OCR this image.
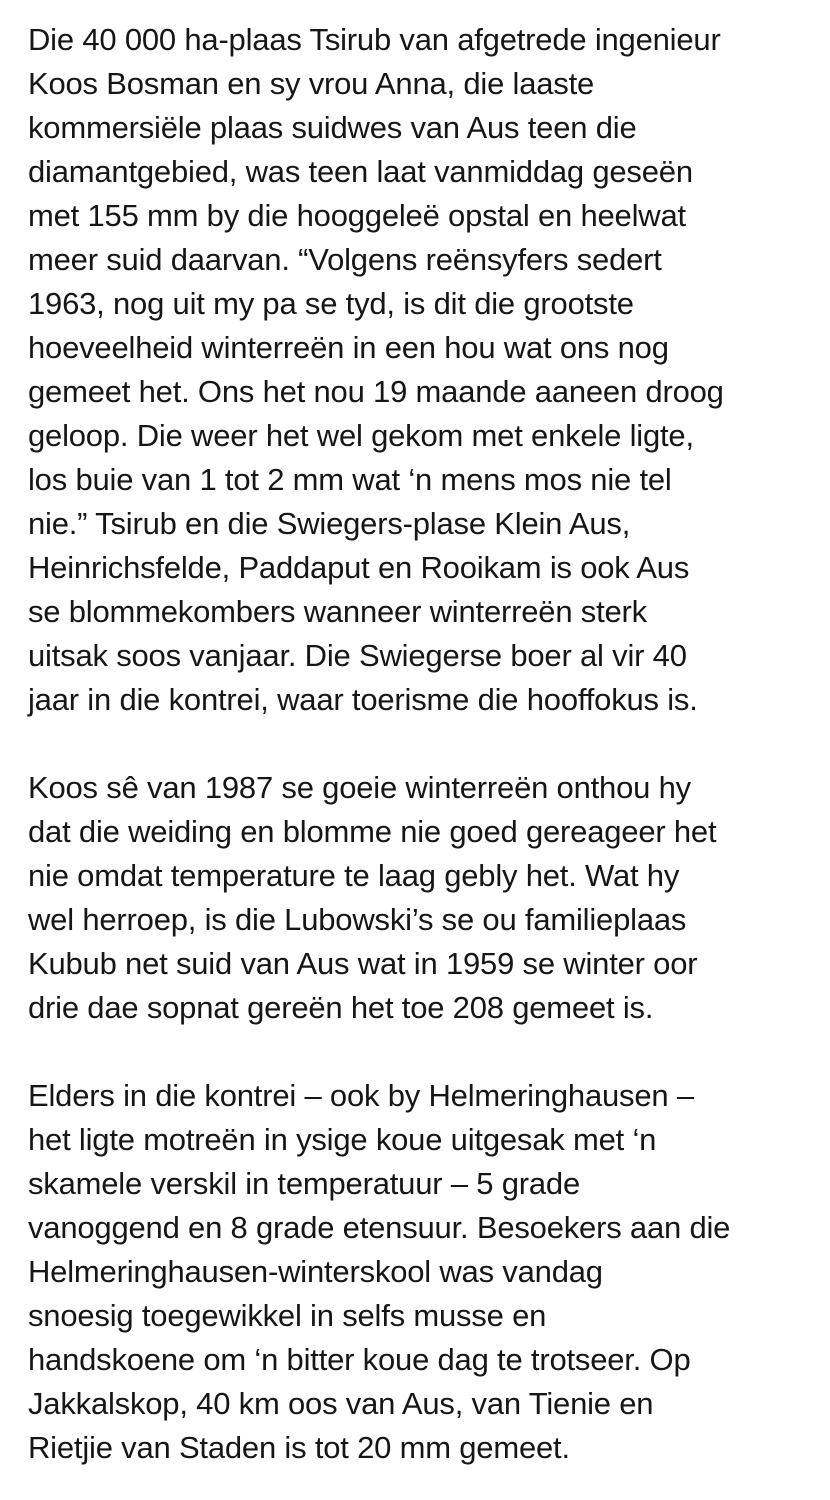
Die 40 000 ha-plaas Tsirub van afgetrede ingenieur
Koos Bosman en sy vrou Anna, die laaste
kommersiële plaas suidwes van Aus teen die
diamantgebied, was teen laat vanmiddag geseën
met 155 mm by die hooggeleë opstal en heelwat
meer suid daarvan. “Volgens reënsyfers sedert
1963, nog uit my pa se tyd, is dit die grootste
hoeveelheid winterreën in een hou wat ons nog
gemeet het. Ons het nou 19 maande aaneen droog
geloop. Die weer het wel gekom met enkele ligte,
los buie van 1 tot 2 mm wat ‘n mens mos nie tel
nie.” Tsirub en die Swiegers-plase Klein Aus,
Heinrichsfelde, Paddaput en Rooikam is ook Aus
se blommekombers wanneer winterreën sterk
uitsak soos vanjaar. Die Swiegerse boer al vir 40
jaar in die kontrei, waar toerisme die hooffokus is.

Koos sê van 1987 se goeie winterreën onthou hy
dat die weiding en blomme nie goed gereageer het
nie omdat temperature te laag gebly het. Wat hy
wel herroep, is die Lubowski’s se ou familieplaas
Kubub net suid van Aus wat in 1959 se winter oor
drie dae sopnat gereën het toe 208 gemeet is.

Elders in die kontrei – ook by Helmeringhausen –
het ligte motreën in ysige koue uitgesak met ‘n
skamele verskil in temperatuur – 5 grade
vanoggend en 8 grade etensuur. Besoekers aan die
Helmeringhausen-winterskool was vandag
snoesig toegewikkel in selfs musse en
handskoene om ‘n bitter koue dag te trotseer. Op
Jakkalskop, 40 km oos van Aus, van Tienie en
Rietjie van Staden is tot 20 mm gemeet.
